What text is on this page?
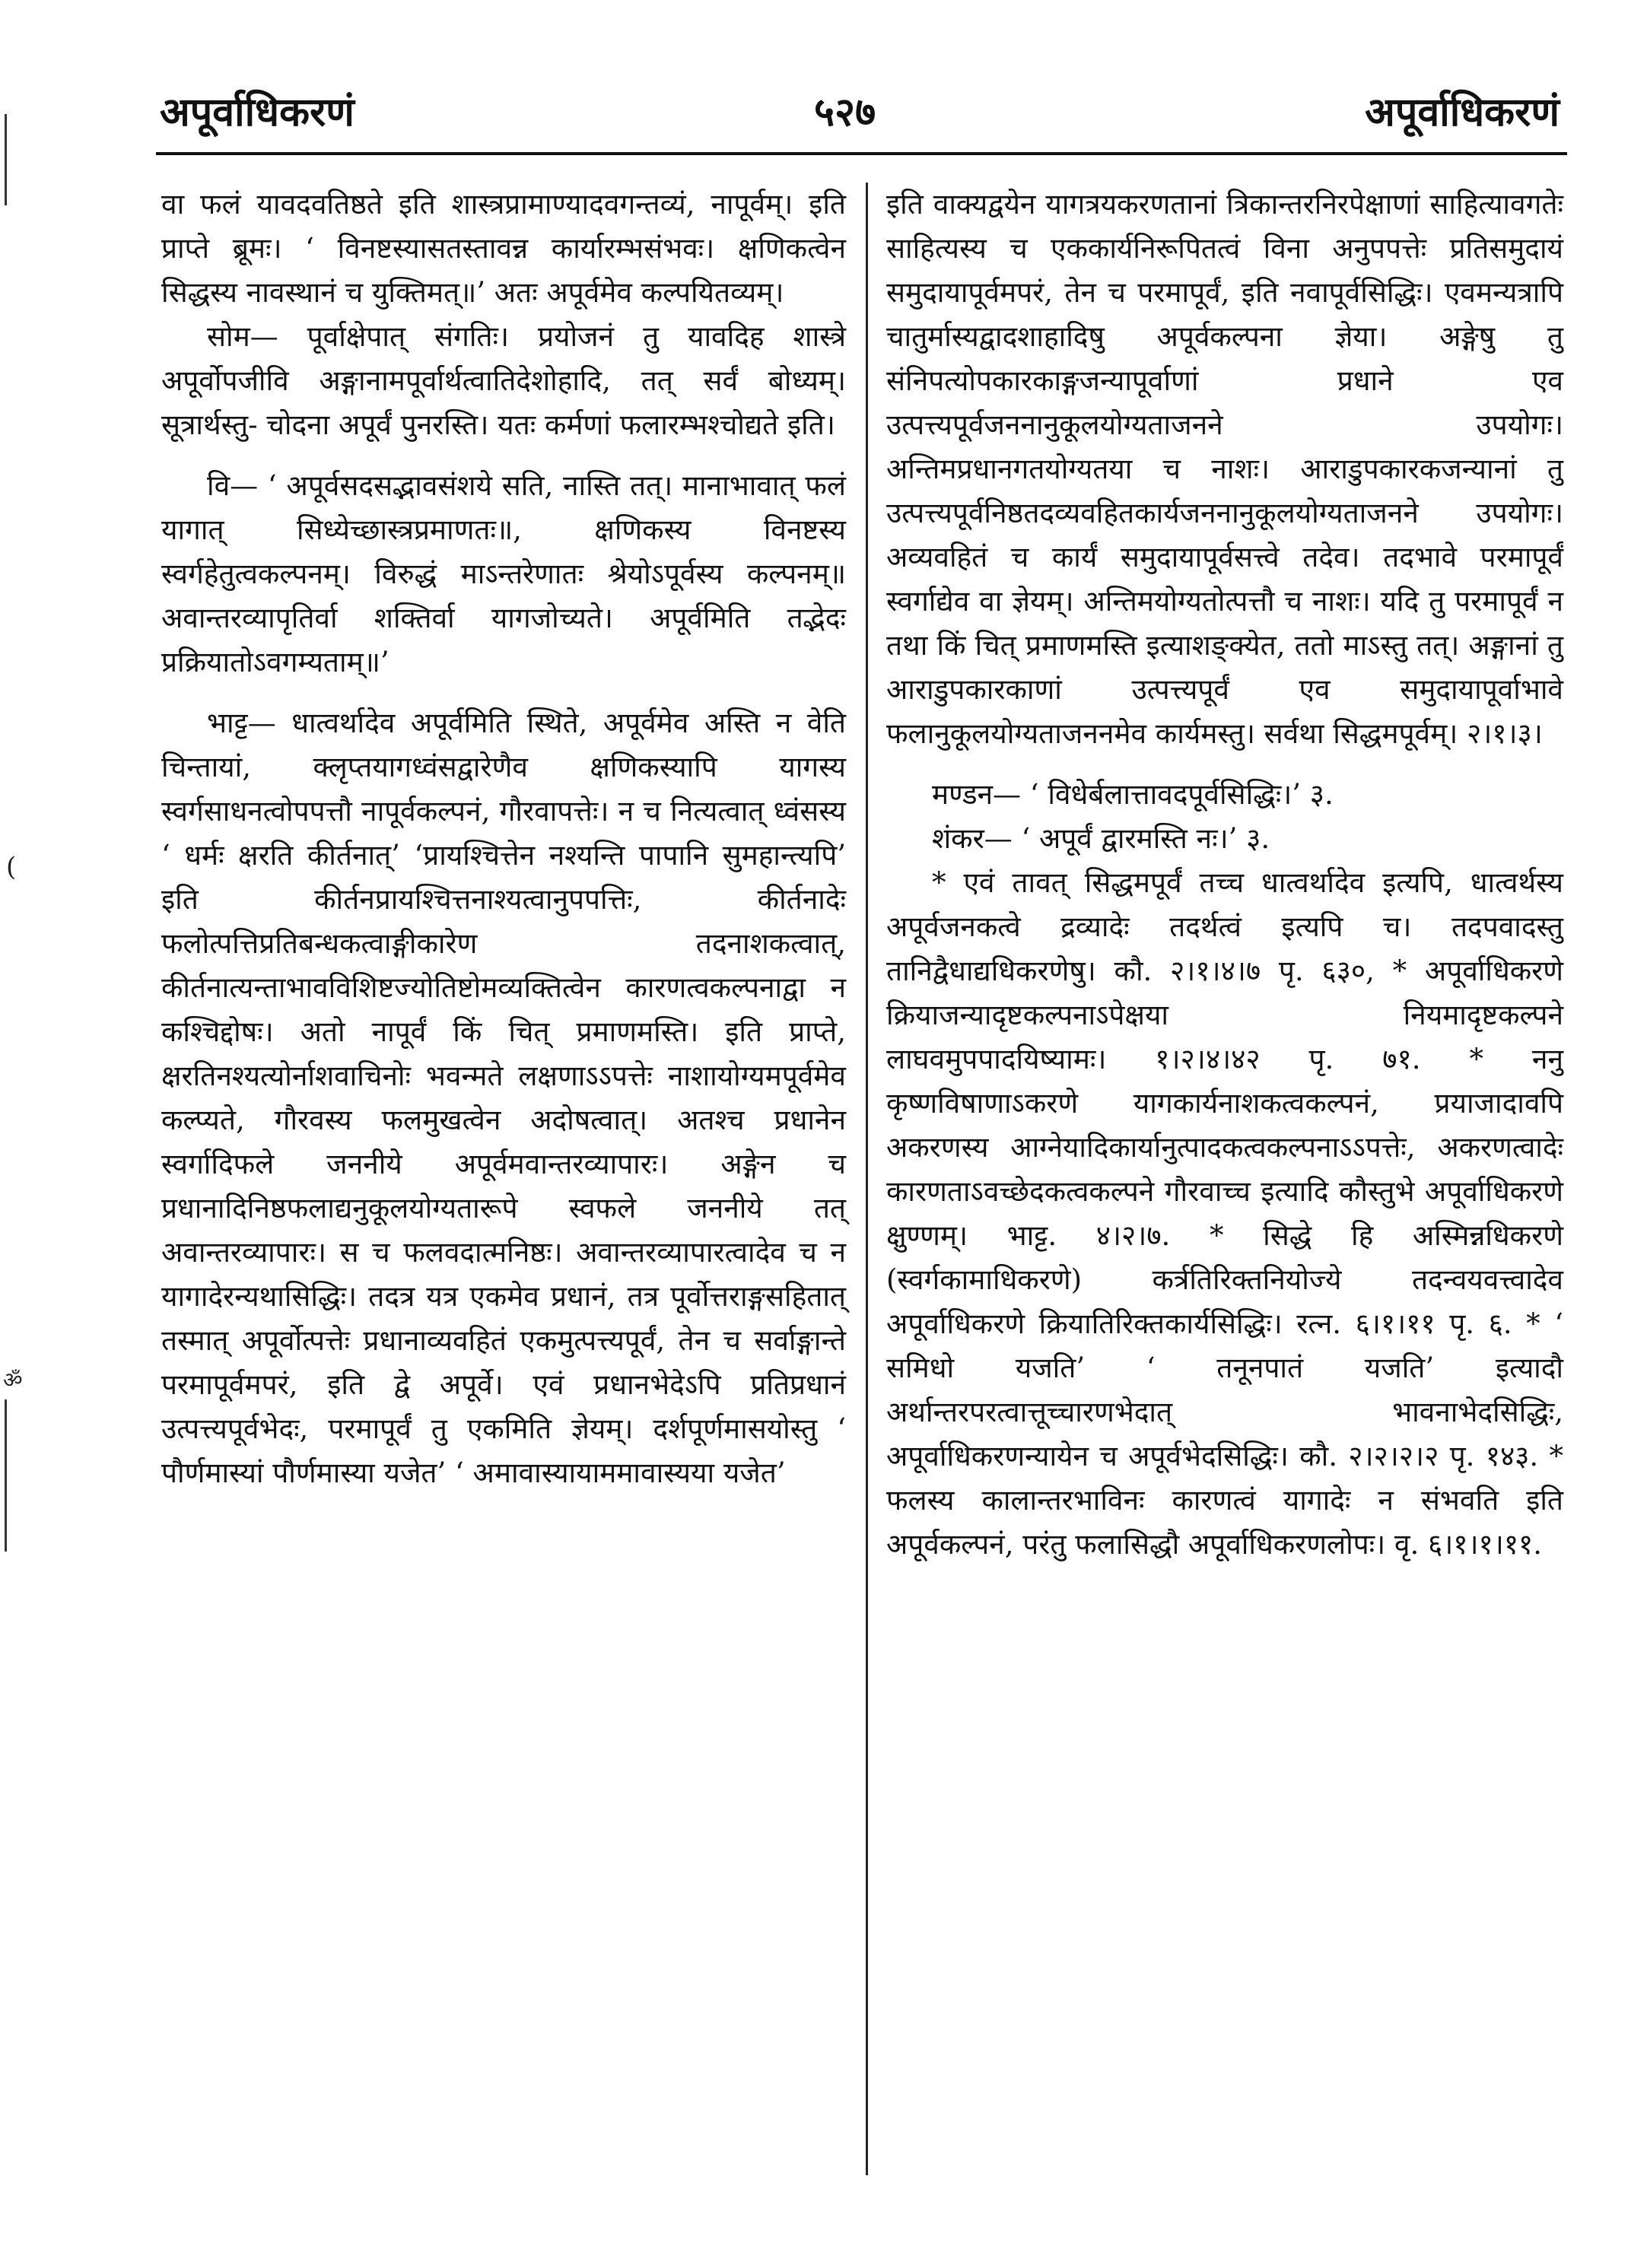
अपूर्वाधिकरणं	५२७	अपूर्वाधिकरणं

वा फलं यावदवतिष्ठते इति शास्त्रप्रामाण्यादवगन्तव्यं, नापूर्वम्। इति प्राप्ते ब्रूमः। ‘ विनष्टस्यासतस्तावन्न कार्यारम्भसंभवः। क्षणिकत्वेन सिद्धस्य नावस्थानं च युक्तिमत्॥’ अतः अपूर्वमेव कल्पयितव्यम्।

सोम— पूर्वाक्षेपात् संगतिः। प्रयोजनं तु यावदिह शास्त्रे अपूर्वोपजीवि अङ्गानामपूर्वार्थत्वातिदेशोहादि, तत् सर्वं बोध्यम्। सूत्रार्थस्तु- चोदना अपूर्वं पुनरस्ति। यतः कर्मणां फलारम्भश्चोद्यते इति।

वि— ‘ अपूर्वसदसद्भावसंशये सति, नास्ति तत्। मानाभावात् फलं यागात् सिध्येच्छास्त्रप्रमाणतः॥, क्षणिकस्य विनष्टस्य स्वर्गहेतुत्वकल्पनम्। विरुद्धं माऽन्तरेणातः श्रेयोऽपूर्वस्य कल्पनम्॥ अवान्तरव्यापृतिर्वा शक्तिर्वा यागजोच्यते। अपूर्वमिति तद्भेदः प्रक्रियातोऽवगम्यताम्॥’

भाट्ट— धात्वर्थादेव अपूर्वमिति स्थिते, अपूर्वमेव अस्ति न वेति चिन्तायां, क्लृप्तयागध्वंसद्वारेणैव क्षणिकस्यापि यागस्य स्वर्गसाधनत्वोपपत्तौ नापूर्वकल्पनं, गौरवापत्तेः। न च नित्यत्वात् ध्वंसस्य ‘ धर्मः क्षरति कीर्तनात्’ ‘प्रायश्चित्तेन नश्यन्ति पापानि सुमहान्त्यपि’ इति कीर्तनप्रायश्चित्तनाश्यत्वानुपपत्तिः, कीर्तनादेः फलोत्पत्तिप्रतिबन्धकत्वाङ्गीकारेण तदनाशकत्वात्, कीर्तनात्यन्ताभावविशिष्टज्योतिष्टोमव्यक्तित्वेन कारणत्वकल्पनाद्वा न कश्चिद्दोषः। अतो नापूर्वं किं चित् प्रमाणमस्ति। इति प्राप्ते, क्षरतिनश्यत्योर्नाशवाचिनोः भवन्मते लक्षणाऽऽपत्तेः नाशायोग्यमपूर्वमेव कल्प्यते, गौरवस्य फलमुखत्वेन अदोषत्वात्। अतश्च प्रधानेन स्वर्गादिफले जननीये अपूर्वमवान्तरव्यापारः। अङ्गेन च प्रधानादिनिष्ठफलाद्यनुकूलयोग्यतारूपे स्वफले जननीये तत् अवान्तरव्यापारः। स च फलवदात्मनिष्ठः। अवान्तरव्यापारत्वादेव च न यागादेरन्यथासिद्धिः। तदत्र यत्र एकमेव प्रधानं, तत्र पूर्वोत्तराङ्गसहितात् तस्मात् अपूर्वोत्पत्तेः प्रधानाव्यवहितं एकमुत्पत्त्यपूर्वं, तेन च सर्वाङ्गान्ते परमापूर्वमपरं, इति द्वे अपूर्वे। एवं प्रधानभेदेऽपि प्रतिप्रधानं उत्पत्त्यपूर्वभेदः, परमापूर्वं तु एकमिति ज्ञेयम्। दर्शपूर्णमासयोस्तु ‘ पौर्णमास्यां पौर्णमास्या यजेत’ ‘ अमावास्यायाममावास्यया यजेत’

इति वाक्यद्वयेन यागत्रयकरणतानां त्रिकान्तरनिरपेक्षाणां साहित्यावगतेः साहित्यस्य च एककार्यनिरूपितत्वं विना अनुपपत्तेः प्रतिसमुदायं समुदायापूर्वमपरं, तेन च परमापूर्वं, इति नवापूर्वसिद्धिः। एवमन्यत्रापि चातुर्मास्यद्वादशाहादिषु अपूर्वकल्पना ज्ञेया। अङ्गेषु तु संनिपत्योपकारकाङ्गजन्यापूर्वाणां प्रधाने एव उत्पत्त्यपूर्वजननानुकूलयोग्यताजनने उपयोगः। अन्तिमप्रधानगतयोग्यतया च नाशः। आराडुपकारकजन्यानां तु उत्पत्त्यपूर्वनिष्ठतदव्यवहितकार्यजननानुकूलयोग्यताजनने उपयोगः। अव्यवहितं च कार्यं समुदायापूर्वसत्त्वे तदेव। तदभावे परमापूर्वं स्वर्गाद्येव वा ज्ञेयम्। अन्तिमयोग्यतोत्पत्तौ च नाशः। यदि तु परमापूर्वं न तथा किं चित् प्रमाणमस्ति इत्याशङ्क्येत, ततो माऽस्तु तत्। अङ्गानां तु आराडुपकारकाणां उत्पत्त्यपूर्वं एव समुदायापूर्वाभावे फलानुकूलयोग्यताजननमेव कार्यमस्तु। सर्वथा सिद्धमपूर्वम्। २।१।३।

मण्डन— ‘ विधेर्बलात्तावदपूर्वसिद्धिः।’ ३.

शंकर— ‘ अपूर्वं द्वारमस्ति नः।’ ३.

* एवं तावत् सिद्धमपूर्वं तच्च धात्वर्थादेव इत्यपि, धात्वर्थस्य अपूर्वजनकत्वे द्रव्यादेः तदर्थत्वं इत्यपि च। तदपवादस्तु तानिद्वैधाद्यधिकरणेषु। कौ. २।१।४।७ पृ. ६३०, * अपूर्वाधिकरणे क्रियाजन्यादृष्टकल्पनाऽपेक्षया नियमादृष्टकल्पने लाघवमुपपादयिष्यामः। १।२।४।४२ पृ. ७१. * ननु कृष्णविषाणाऽकरणे यागकार्यनाशकत्वकल्पनं, प्रयाजादावपि अकरणस्य आग्नेयादिकार्यानुत्पादकत्वकल्पनाऽऽपत्तेः, अकरणत्वादेः कारणताऽवच्छेदकत्वकल्पने गौरवाच्च इत्यादि कौस्तुभे अपूर्वाधिकरणे क्षुण्णम्। भाट्ट. ४।२।७. * सिद्धे हि अस्मिन्नधिकरणे (स्वर्गकामाधिकरणे) कर्त्रतिरिक्तनियोज्ये तदन्वयवत्त्वादेव अपूर्वाधिकरणे क्रियातिरिक्तकार्यसिद्धिः। रत्न. ६।१।११ पृ. ६. * ‘ समिधो यजति’ ‘ तनूनपातं यजति’ इत्यादौ अर्थान्तरपरत्वात्तूच्चारणभेदात् भावनाभेदसिद्धिः, अपूर्वाधिकरणन्यायेन च अपूर्वभेदसिद्धिः। कौ. २।२।२।२ पृ. १४३. * फलस्य कालान्तरभाविनः कारणत्वं यागादेः न संभवति इति अपूर्वकल्पनं, परंतु फलासिद्धौ अपूर्वाधिकरणलोपः। वृ. ६।१।१।११.

(
ॐ
